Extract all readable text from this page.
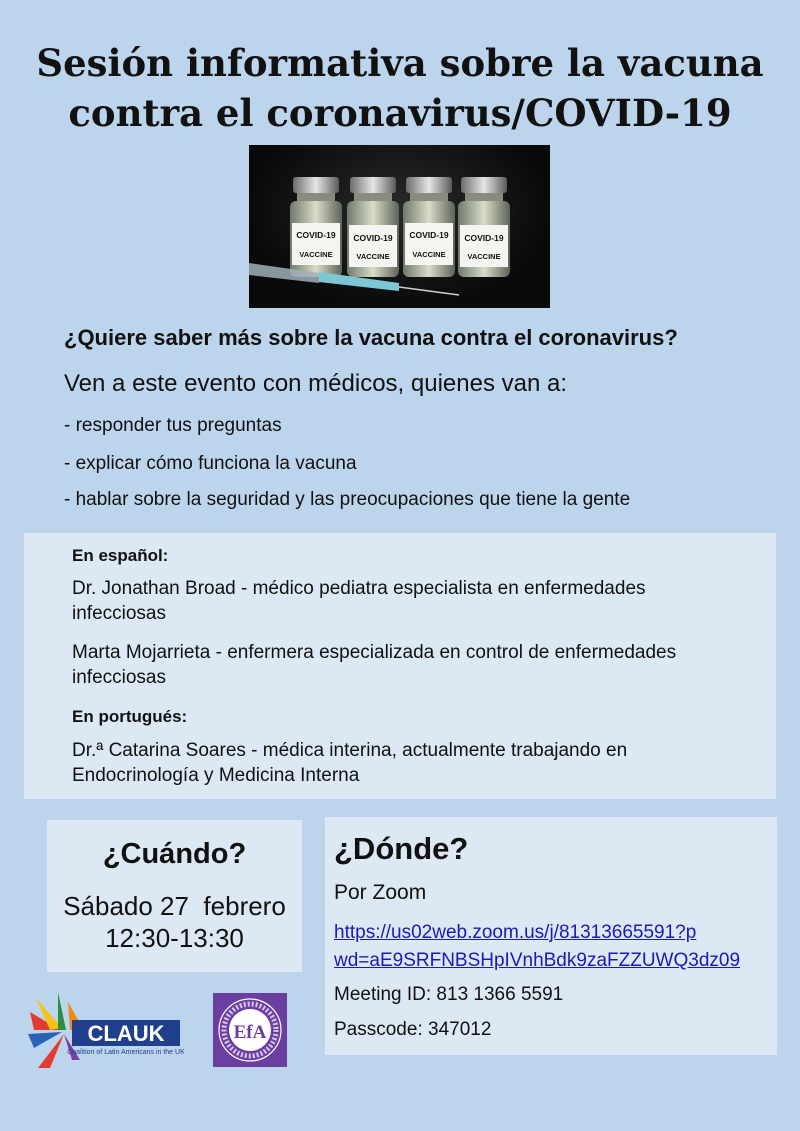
Sesión informativa sobre la vacuna
contra el coronavirus/COVID-19
COVID-19
VACCINE
COVID-19
VACCINE
COVID-19
VACCINE
COVID-19
VACCINE
¿Quiere saber más sobre la vacuna contra el coronavirus?
Ven a este evento con médicos, quienes van a:
- responder tus preguntas
- explicar cómo funciona la vacuna
- hablar sobre la seguridad y las preocupaciones que tiene la gente
En español:
Dr. Jonathan Broad - médico pediatra especialista en enfermedades
infecciosas
Marta Mojarrieta - enfermera especializada en control de enfermedades
infecciosas
En portugués:
Dr.ª Catarina Soares - médica interina, actualmente trabajando en
Endocrinología y Medicina Interna
¿Cuándo?
Sábado 27  febrero
12:30-13:30
¿Dónde?
Por Zoom
https://us02web.zoom.us/j/81313665591?p
wd=aE9SRFNBSHpIVnhBdk9zaFZZUWQ3dz09
Meeting ID: 813 1366 5591
Passcode: 347012
CLAUK
Coalition of Latin Americans in the UK
EfA
